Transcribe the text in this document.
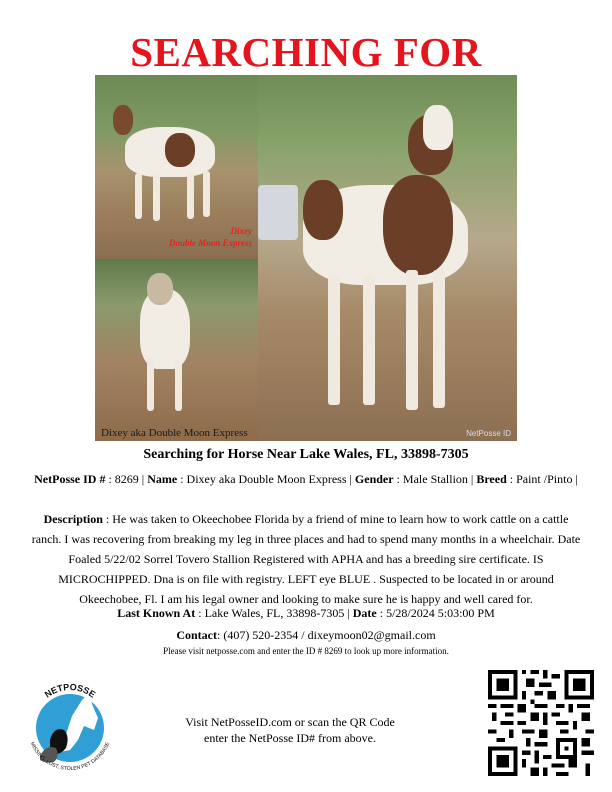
SEARCHING FOR
Dixey
Double Moon Express
Dixey aka Double Moon Express	NetPosse ID
Searching for Horse Near Lake Wales, FL, 33898-7305
NetPosse ID # : 8269 | Name : Dixey aka Double Moon Express | Gender : Male Stallion | Breed : Paint /Pinto |
Description : He was taken to Okeechobee Florida by a friend of mine to learn how to work cattle on a cattle ranch. I was recovering from breaking my leg in three places and had to spend many months in a wheelchair. Date Foaled 5/22/02 Sorrel Tovero Stallion Registered with APHA and has a breeding sire certificate. IS MICROCHIPPED. Dna is on file with registry. LEFT eye BLUE . Suspected to be located in or around Okeechobee, Fl. I am his legal owner and looking to make sure he is happy and well cared for.
Last Known At : Lake Wales, FL, 33898-7305 | Date : 5/28/2024 5:03:00 PM
Contact: (407) 520-2354 / dixeymoon02@gmail.com
Please visit netposse.com and enter the ID # 8269 to look up more information.
NETPOSSE
MISSING, LOST, STOLEN PET DATABASE
Visit NetPosseID.com or scan the QR Code
enter the NetPosse ID# from above.
